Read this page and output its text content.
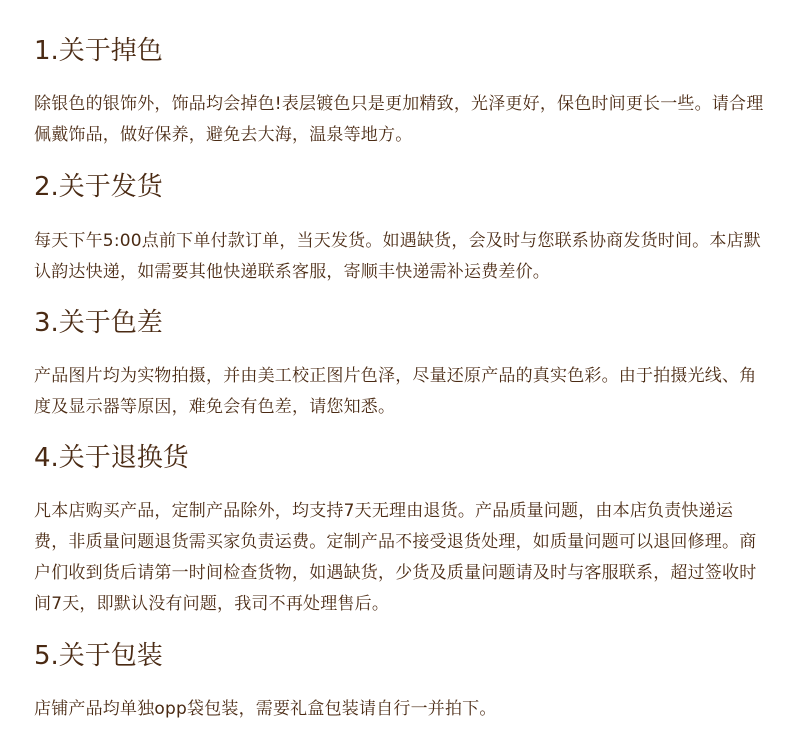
1.关于掉色

除银色的银饰外，饰品均会掉色!表层镀色只是更加精致，光泽更好，保色时间更长一些。请合理佩戴饰品，做好保养，避免去大海，温泉等地方。

2.关于发货

每天下午5:00点前下单付款订单，当天发货。如遇缺货，会及时与您联系协商发货时间。本店默认韵达快递，如需要其他快递联系客服，寄顺丰快递需补运费差价。

3.关于色差

产品图片均为实物拍摄，并由美工校正图片色泽，尽量还原产品的真实色彩。由于拍摄光线、角度及显示器等原因，难免会有色差，请您知悉。

4.关于退换货

凡本店购买产品，定制产品除外，均支持7天无理由退货。产品质量问题，由本店负责快递运费，非质量问题退货需买家负责运费。定制产品不接受退货处理，如质量问题可以退回修理。商户们收到货后请第一时间检查货物，如遇缺货，少货及质量问题请及时与客服联系，超过签收时间7天，即默认没有问题，我司不再处理售后。

5.关于包装

店铺产品均单独opp袋包装，需要礼盒包装请自行一并拍下。
